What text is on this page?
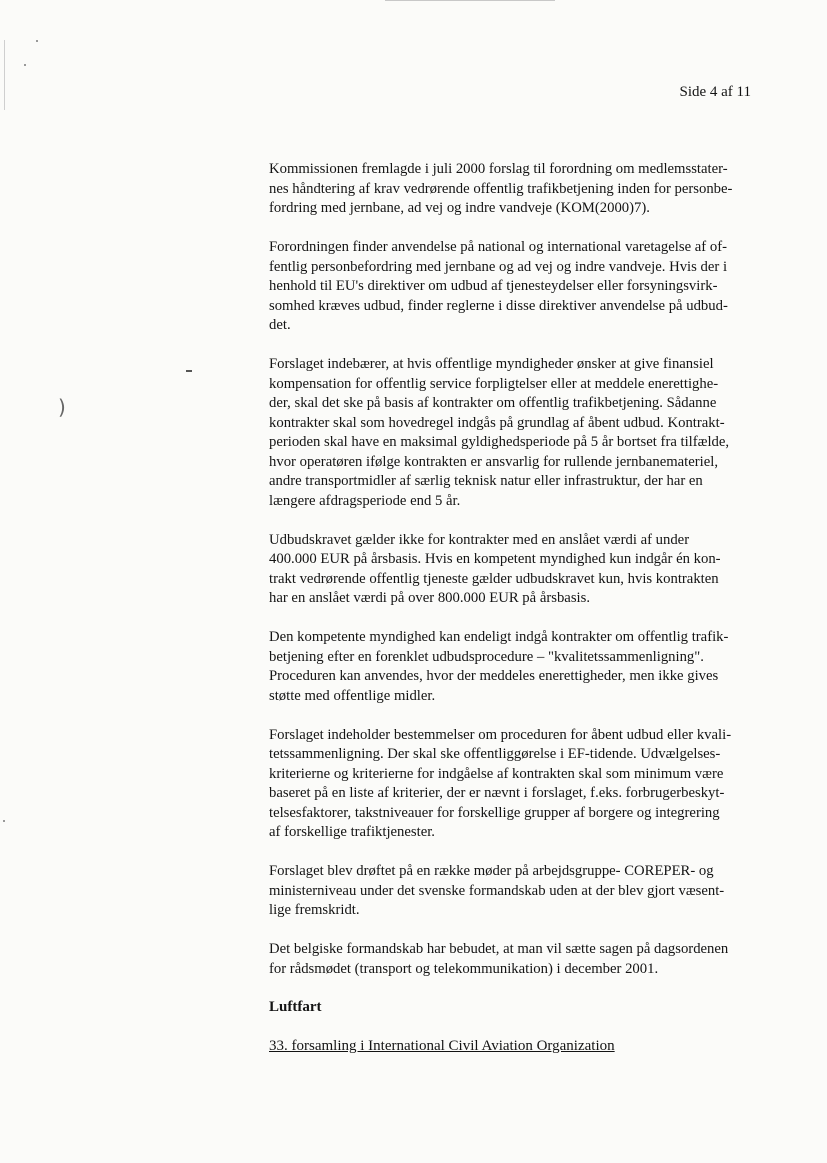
)
Side 4 af 11

Kommissionen fremlagde i juli 2000 forslag til forordning om medlemsstater-
nes håndtering af krav vedrørende offentlig trafikbetjening inden for personbe-
fordring med jernbane, ad vej og indre vandveje (KOM(2000)7).

Forordningen finder anvendelse på national og international varetagelse af of-
fentlig personbefordring med jernbane og ad vej og indre vandveje. Hvis der i
henhold til EU's direktiver om udbud af tjenesteydelser eller forsyningsvirk-
somhed kræves udbud, finder reglerne i disse direktiver anvendelse på udbud-
det.

Forslaget indebærer, at hvis offentlige myndigheder ønsker at give finansiel
kompensation for offentlig service forpligtelser eller at meddele enerettighe-
der, skal det ske på basis af kontrakter om offentlig trafikbetjening. Sådanne
kontrakter skal som hovedregel indgås på grundlag af åbent udbud. Kontrakt-
perioden skal have en maksimal gyldighedsperiode på 5 år bortset fra tilfælde,
hvor operatøren ifølge kontrakten er ansvarlig for rullende jernbanemateriel,
andre transportmidler af særlig teknisk natur eller infrastruktur, der har en
længere afdragsperiode end 5 år.

Udbudskravet gælder ikke for kontrakter med en anslået værdi af under
400.000 EUR på årsbasis. Hvis en kompetent myndighed kun indgår én kon-
trakt vedrørende offentlig tjeneste gælder udbudskravet kun, hvis kontrakten
har en anslået værdi på over 800.000 EUR på årsbasis.

Den kompetente myndighed kan endeligt indgå kontrakter om offentlig trafik-
betjening efter en forenklet udbudsprocedure – "kvalitetssammenligning".
Proceduren kan anvendes, hvor der meddeles enerettigheder, men ikke gives
støtte med offentlige midler.

Forslaget indeholder bestemmelser om proceduren for åbent udbud eller kvali-
tetssammenligning. Der skal ske offentliggørelse i EF-tidende. Udvælgelses-
kriterierne og kriterierne for indgåelse af kontrakten skal som minimum være
baseret på en liste af kriterier, der er nævnt i forslaget, f.eks. forbrugerbeskyt-
telsesfaktorer, takstniveauer for forskellige grupper af borgere og integrering
af forskellige trafiktjenester.

Forslaget blev drøftet på en række møder på arbejdsgruppe- COREPER- og
ministerniveau under det svenske formandskab uden at der blev gjort væsent-
lige fremskridt.

Det belgiske formandskab har bebudet, at man vil sætte sagen på dagsordenen
for rådsmødet (transport og telekommunikation) i december 2001.

Luftfart

33. forsamling i International Civil Aviation Organization
